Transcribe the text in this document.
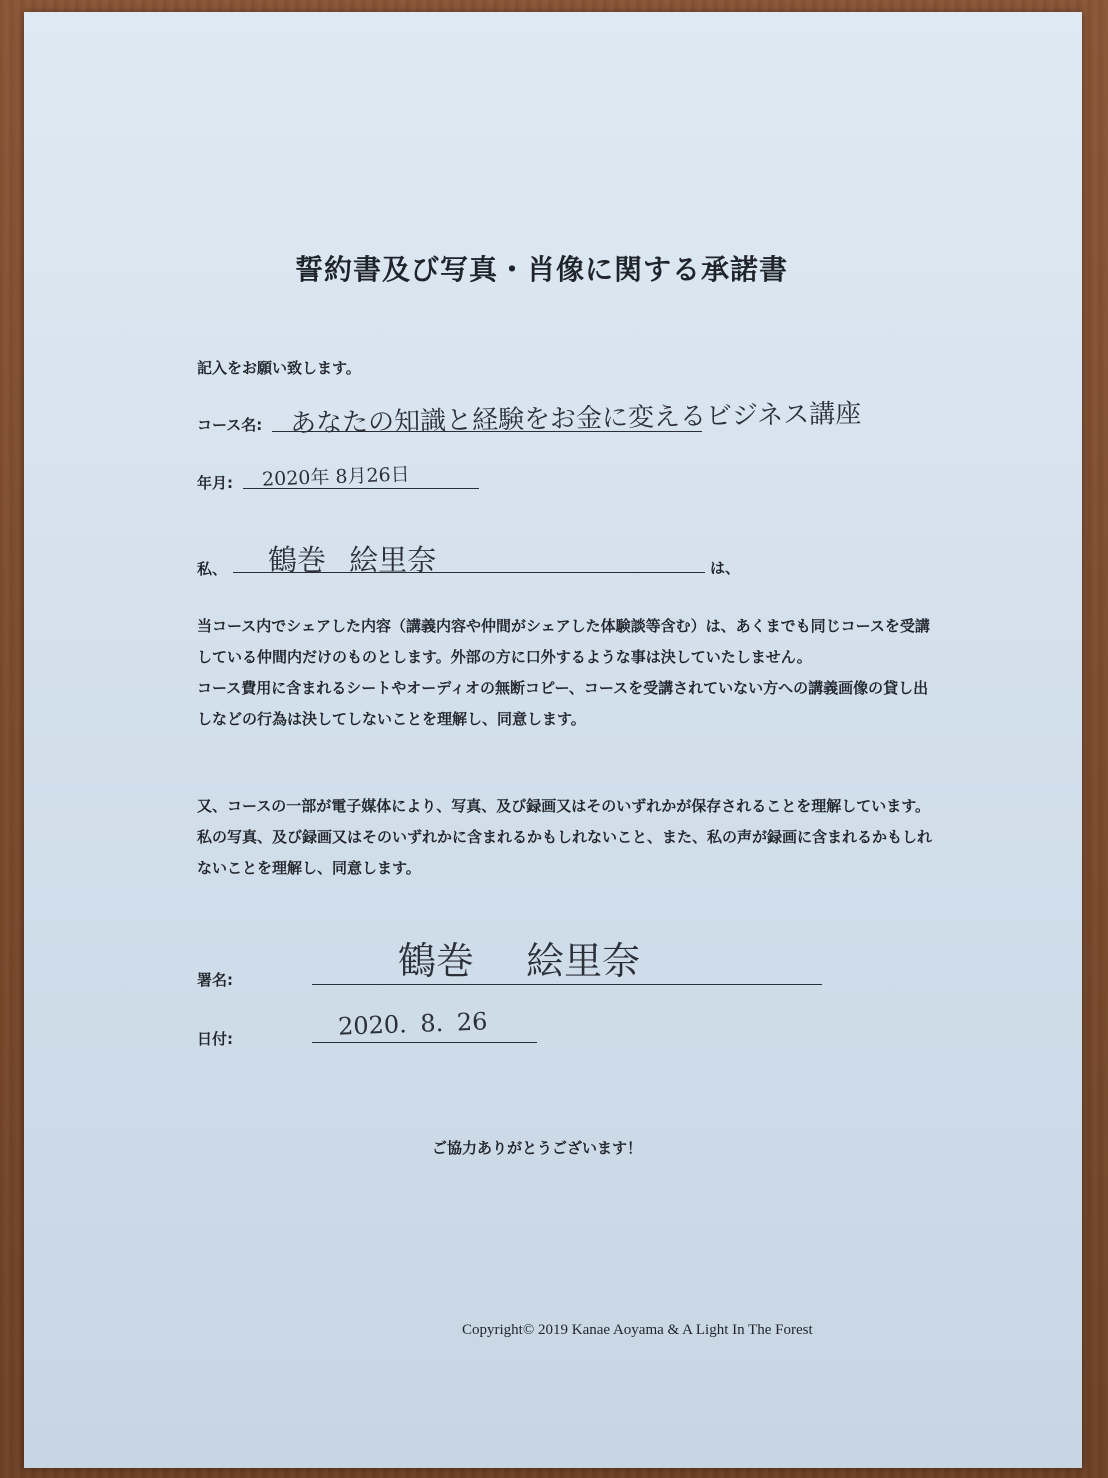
誓約書及び写真・肖像に関する承諾書
記入をお願い致します。
コース名: あなたの知識と経験をお金に変えるビジネス講座
年月: 2020年 8月26日
私、 鶴巻 絵里奈	は、

当コース内でシェアした内容（講義内容や仲間がシェアした体験談等含む）は、あくまでも同じコースを受講している仲間内だけのものとします。外部の方に口外するような事は決していたしません。

コース費用に含まれるシートやオーディオの無断コピー、コースを受講されていない方への講義画像の貸し出しなどの行為は決してしないことを理解し、同意します。

又、コースの一部が電子媒体により、写真、及び録画又はそのいずれかが保存されることを理解しています。私の写真、及び録画又はそのいずれかに含まれるかもしれないこと、また、私の声が録画に含まれるかもしれないことを理解し、同意します。

署名:	鶴巻 絵里奈
日付:	2020. 8. 26
ご協力ありがとうございます！
Copyright© 2019 Kanae Aoyama & A Light In The Forest
